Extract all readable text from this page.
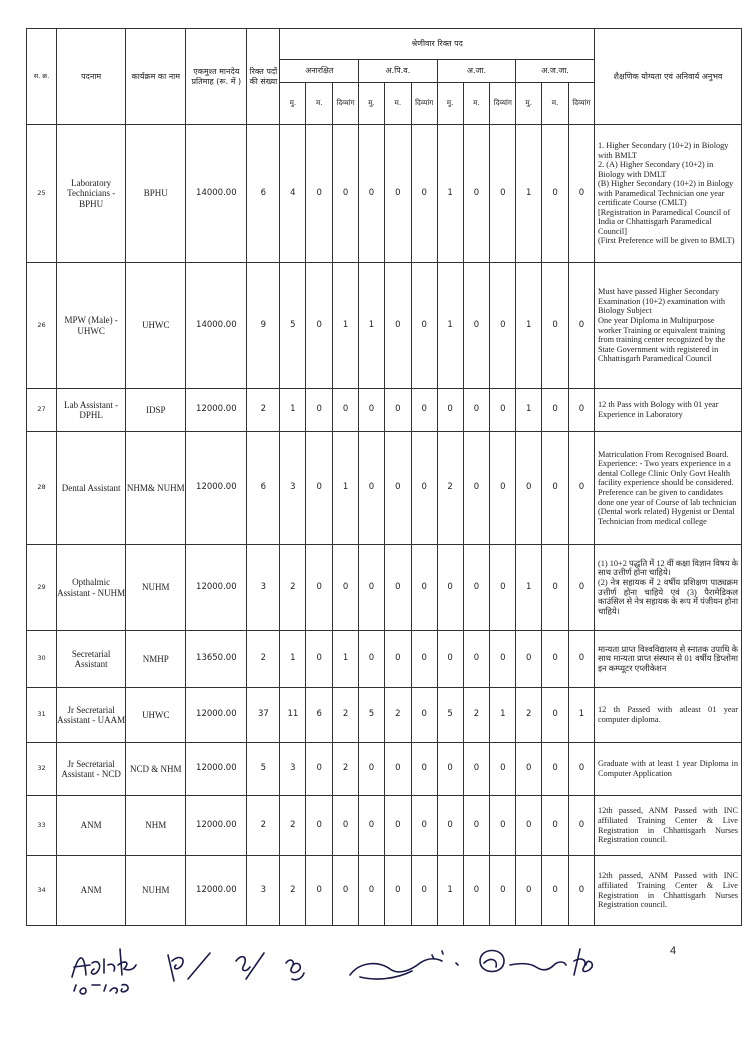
स. क्र.	पदनाम	कार्यक्रम का नाम	एकमुश्त मानदेय प्रतिमाह (रू. में )	रिक्त पदों की संख्या	श्रेणीवार रिक्त पद												शैक्षणिक योग्यता एवं अनिवार्य अनुभव
					अनारक्षित			अ.पि.व.			अ.जा.			अ.ज.जा.			
					मु.	म.	दिव्यांग	मु.	म.	दिव्यांग	मु.	म.	दिव्यांग	मु.	म.	दिव्यांग	
25	Laboratory Technicians - BPHU	BPHU	14000.00	6	4	0	0	0	0	0	1	0	0	1	0	0	1. Higher Secondary (10+2) in Biology with BMLT
2. (A) Higher Secondary (10+2) in Biology with DMLT
(B) Higher Secondary (10+2) in Biology with Paramedical Technician one year certificate Course (CMLT)
[Registration in Paramedical Council of India or Chhattisgarh Paramedical Council]
(First Preference will be given to BMLT)

26	MPW (Male) - UHWC	UHWC	14000.00	9	5	0	1	1	0	0	1	0	0	1	0	0	Must have passed Higher Secondary Examination (10+2) examination with Biology Subject
One year Diploma in Multipurpose worker Training or equivalent training from training center recognized by the State Government with registered in Chhattisgarh Paramedical Council

27	Lab Assistant -DPHL	IDSP	12000.00	2	1	0	0	0	0	0	0	0	0	1	0	0	12 th Pass with Bology with 01 year Experience in Laboratory

28	Dental Assistant	NHM& NUHM	12000.00	6	3	0	1	0	0	0	2	0	0	0	0	0	Matriculation From Recognised Board.
Experience: - Two years experience in a dental College Clinic Only Govt Health facility experience should be considered. Preference can be given to candidates done one year of Course of lab technician (Dental work related) Hygenist or Dental Technician from medical college

29	Opthalmic Assistant - NUHM	NUHM	12000.00	3	2	0	0	0	0	0	0	0	0	1	0	0	(1) 10+2 पद्धति में 12 वीं कक्षा विज्ञान विषय के साथ उत्तीर्ण होना चाहिये।
(2) नेत्र सहायक में 2 वर्षीय प्रशिक्षण पाठ्यक्रम उत्तीर्ण होना चाहिये एवं (3) पैरामेडिकल काउंसिल से नेत्र सहायक के रूप में पंजीयन होना चाहिये।

30	Secretarial Assistant	NMHP	13650.00	2	1	0	1	0	0	0	0	0	0	0	0	0	मान्यता प्राप्त विश्वविद्यालय से स्नातक उपाधि के साथ मान्यता प्राप्त संस्थान से 01 वर्षीय डिप्लोमा इन कम्प्यूटर एप्लीकेशन

31	Jr Secretarial Assistant - UAAM	UHWC	12000.00	37	11	6	2	5	2	0	5	2	1	2	0	1	12 th Passed with atleast 01 year computer diploma.

32	Jr Secretarial Assistant - NCD	NCD & NHM	12000.00	5	3	0	2	0	0	0	0	0	0	0	0	0	Graduate with at least 1 year Diploma in Computer Application

33	ANM	NHM	12000.00	2	2	0	0	0	0	0	0	0	0	0	0	0	12th passed, ANM Passed with INC affiliated Training Center & Live Registration in Chhattisgarh Nurses Registration council.

34	ANM	NUHM	12000.00	3	2	0	0	0	0	0	1	0	0	0	0	0	12th passed, ANM Passed with INC affiliated Training Center & Live Registration in Chhattisgarh Nurses Registration council.
4
